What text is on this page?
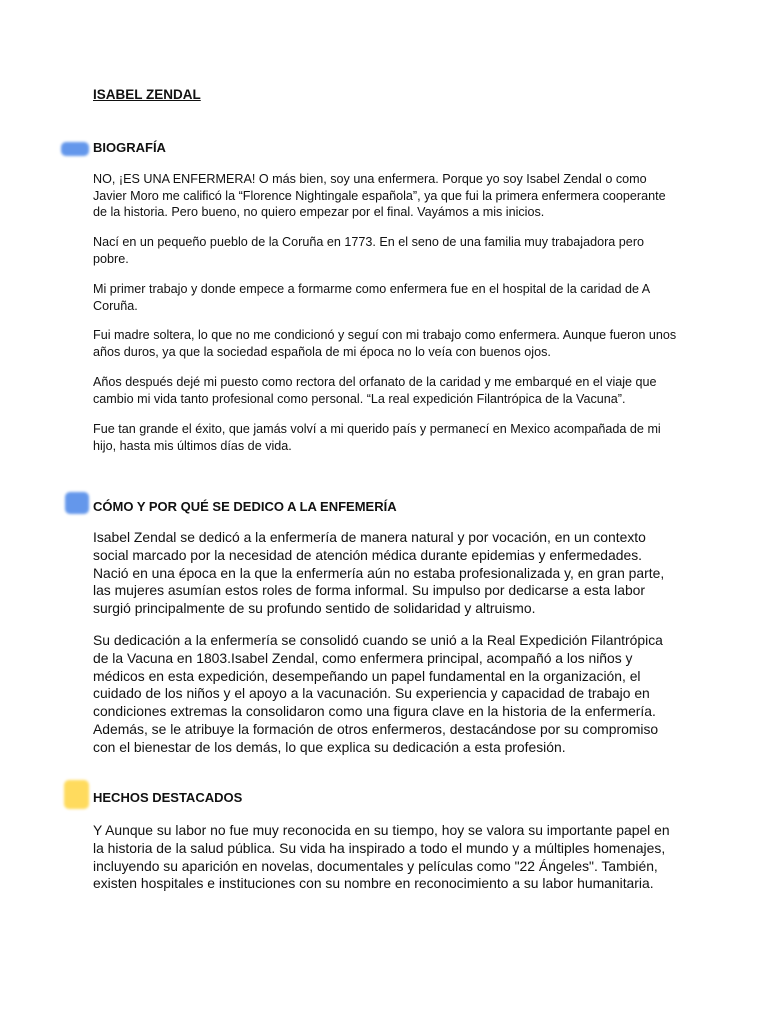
ISABEL ZENDAL
BIOGRAFÍA

NO, ¡ES UNA ENFERMERA! O más bien, soy una enfermera. Porque yo soy Isabel Zendal o como Javier Moro me calificó la “Florence Nightingale española”, ya que fui la primera enfermera cooperante de la historia. Pero bueno, no quiero empezar por el final. Vayámos a mis inicios.

Nací en un pequeño pueblo de la Coruña en 1773. En el seno de una familia muy trabajadora pero pobre.

Mi primer trabajo y donde empece a formarme como enfermera fue en el hospital de la caridad de A Coruña.

Fui madre soltera, lo que no me condicionó y seguí con mi trabajo como enfermera. Aunque fueron unos años duros, ya que la sociedad española de mi época no lo veía con buenos ojos.

Años después dejé mi puesto como rectora del orfanato de la caridad y me embarqué en el viaje que cambio mi vida tanto profesional como personal. “La real expedición Filantrópica de la Vacuna”.

Fue tan grande el éxito, que jamás volví a mi querido país y permanecí en Mexico acompañada de mi hijo, hasta mis últimos días de vida.

CÓMO Y POR QUÉ SE DEDICO A LA ENFEMERÍA

Isabel Zendal se dedicó a la enfermería de manera natural y por vocación, en un contexto social marcado por la necesidad de atención médica durante epidemias y enfermedades. Nació en una época en la que la enfermería aún no estaba profesionalizada y, en gran parte, las mujeres asumían estos roles de forma informal. Su impulso por dedicarse a esta labor surgió principalmente de su profundo sentido de solidaridad y altruismo.

Su dedicación a la enfermería se consolidó cuando se unió a la Real Expedición Filantrópica de la Vacuna en 1803.Isabel Zendal, como enfermera principal, acompañó a los niños y médicos en esta expedición, desempeñando un papel fundamental en la organización, el cuidado de los niños y el apoyo a la vacunación. Su experiencia y capacidad de trabajo en condiciones extremas la consolidaron como una figura clave en la historia de la enfermería. Además, se le atribuye la formación de otros enfermeros, destacándose por su compromiso con el bienestar de los demás, lo que explica su dedicación a esta profesión.

HECHOS DESTACADOS

Y Aunque su labor no fue muy reconocida en su tiempo, hoy se valora su importante papel en la historia de la salud pública. Su vida ha inspirado a todo el mundo y a múltiples homenajes, incluyendo su aparición en novelas, documentales y películas como "22 Ángeles". También, existen hospitales e instituciones con su nombre en reconocimiento a su labor humanitaria.
